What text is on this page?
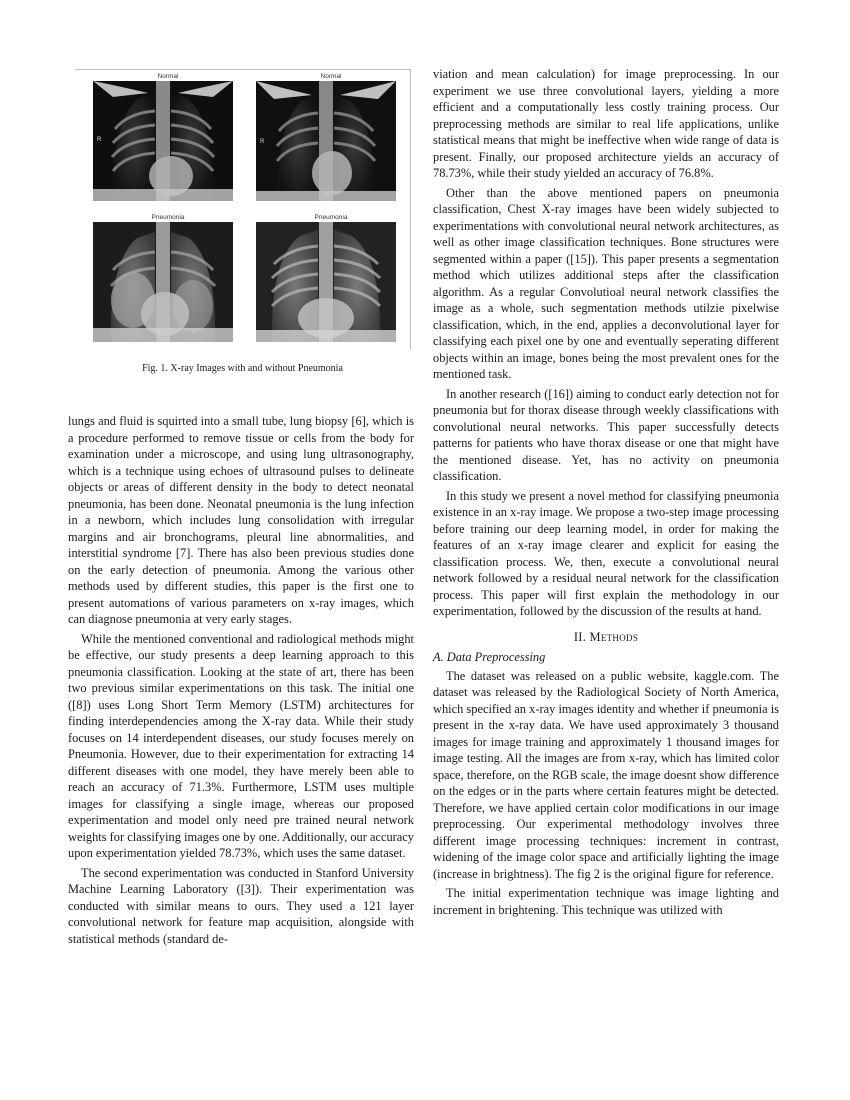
Normal
R
Normal
R
Pneumonia	Pneumonia
Fig. 1. X-ray Images with and without Pneumonia

lungs and fluid is squirted into a small tube, lung biopsy [6], which is a procedure performed to remove tissue or cells from the body for examination under a microscope, and using lung ultrasonography, which is a technique using echoes of ultrasound pulses to delineate objects or areas of different density in the body to detect neonatal pneumonia, has been done. Neonatal pneumonia is the lung infection in a newborn, which includes lung consolidation with irregular margins and air bronchograms, pleural line abnormalities, and interstitial syndrome [7]. There has also been previous studies done on the early detection of pneumonia. Among the various other methods used by different studies, this paper is the first one to present automations of various parameters on x-ray images, which can diagnose pneumonia at very early stages.

While the mentioned conventional and radiological methods might be effective, our study presents a deep learning approach to this pneumonia classification. Looking at the state of art, there has been two previous similar experimentations on this task. The initial one ([8]) uses Long Short Term Memory (LSTM) architectures for finding interdependencies among the X-ray data. While their study focuses on 14 interdependent diseases, our study focuses merely on Pneumonia. However, due to their experimentation for extracting 14 different diseases with one model, they have merely been able to reach an accuracy of 71.3%. Furthermore, LSTM uses multiple images for classifying a single image, whereas our proposed experimentation and model only need pre trained neural network weights for classifying images one by one. Additionally, our accuracy upon experimentation yielded 78.73%, which uses the same dataset.

The second experimentation was conducted in Stanford University Machine Learning Laboratory ([3]). Their experimentation was conducted with similar means to ours. They used a 121 layer convolutional network for feature map acquisition, alongside with statistical methods (standard de-

viation and mean calculation) for image preprocessing. In our experiment we use three convolutional layers, yielding a more efficient and a computationally less costly training process. Our preprocessing methods are similar to real life applications, unlike statistical means that might be ineffective when wide range of data is present. Finally, our proposed architecture yields an accuracy of 78.73%, while their study yielded an accuracy of 76.8%.

Other than the above mentioned papers on pneumonia classification, Chest X-ray images have been widely subjected to experimentations with convolutional neural network architectures, as well as other image classification techniques. Bone structures were segmented within a paper ([15]). This paper presents a segmentation method which utilizes additional steps after the classification algorithm. As a regular Convolutioal neural network classifies the image as a whole, such segmentation methods utilzie pixelwise classification, which, in the end, applies a deconvolutional layer for classifying each pixel one by one and eventually seperating different objects within an image, bones being the most prevalent ones for the mentioned task.

In another research ([16]) aiming to conduct early detection not for pneumonia but for thorax disease through weekly classifications with convolutional neural networks. This paper successfully detects patterns for patients who have thorax disease or one that might have the mentioned disease. Yet, has no activity on pneumonia classification.

In this study we present a novel method for classifying pneumonia existence in an x-ray image. We propose a two-step image processing before training our deep learning model, in order for making the features of an x-ray image clearer and explicit for easing the classification process. We, then, execute a convolutional neural network followed by a residual neural network for the classification process. This paper will first explain the methodology in our experimentation, followed by the discussion of the results at hand.

II. Methods
A. Data Preprocessing

The dataset was released on a public website, kaggle.com. The dataset was released by the Radiological Society of North America, which specified an x-ray images identity and whether if pneumonia is present in the x-ray data. We have used approximately 3 thousand images for image training and approximately 1 thousand images for image testing. All the images are from x-ray, which has limited color space, therefore, on the RGB scale, the image doesnt show difference on the edges or in the parts where certain features might be detected. Therefore, we have applied certain color modifications in our image preprocessing. Our experimental methodology involves three different image processing techniques: increment in contrast, widening of the image color space and artificially lighting the image (increase in brightness). The fig 2 is the original figure for reference.

The initial experimentation technique was image lighting and increment in brightening. This technique was utilized with
